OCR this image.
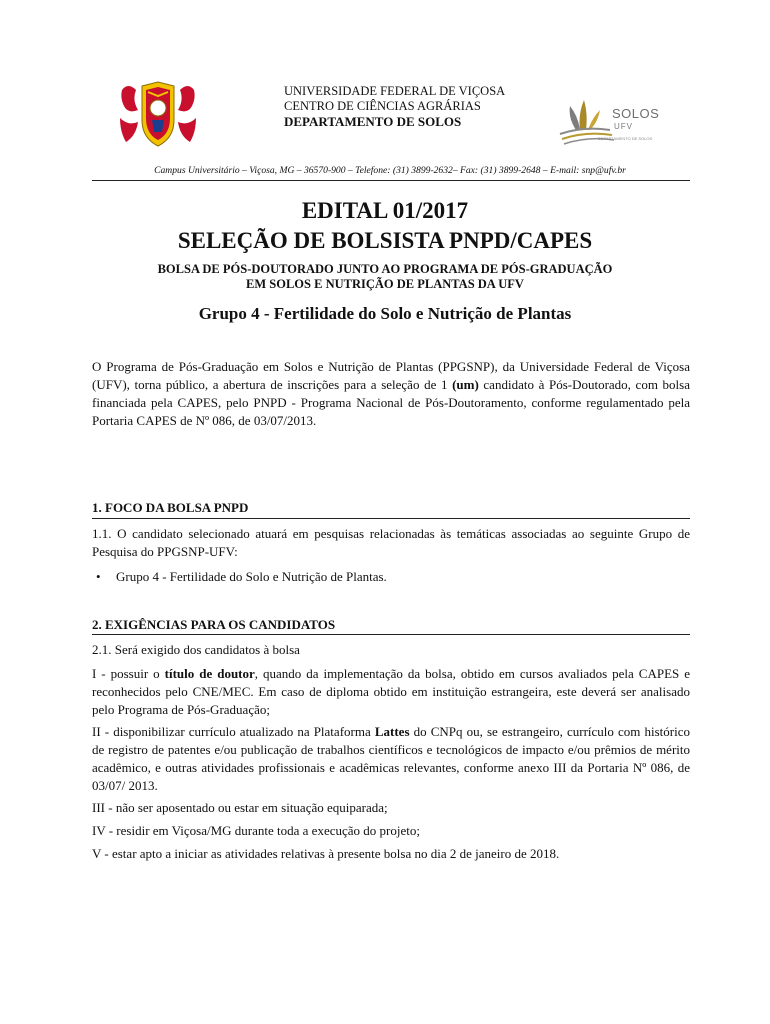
UNIVERSIDADE FEDERAL DE VIÇOSA
CENTRO DE CIÊNCIAS AGRÁRIAS
DEPARTAMENTO DE SOLOS
SOLOS
UFV
DEPARTAMENTO DE SOLOS
Campus Universitário – Viçosa, MG – 36570-900 – Telefone: (31) 3899-2632– Fax: (31) 3899-2648 – E-mail: snp@ufv.br
EDITAL 01/2017
SELEÇÃO DE BOLSISTA PNPD/CAPES
BOLSA DE PÓS-DOUTORADO JUNTO AO PROGRAMA DE PÓS-GRADUAÇÃO
EM SOLOS E NUTRIÇÃO DE PLANTAS DA UFV
Grupo 4 - Fertilidade do Solo e Nutrição de Plantas
O Programa de Pós-Graduação em Solos e Nutrição de Plantas (PPGSNP), da Universidade Federal de Viçosa (UFV), torna público, a abertura de inscrições para a seleção de 1 (um) candidato à Pós-Doutorado, com bolsa financiada pela CAPES, pelo PNPD - Programa Nacional de Pós-Doutoramento, conforme regulamentado pela Portaria CAPES de Nº 086, de 03/07/2013.
1. FOCO DA BOLSA PNPD
1.1. O candidato selecionado atuará em pesquisas relacionadas às temáticas associadas ao seguinte Grupo de Pesquisa do PPGSNP-UFV:
• Grupo 4 - Fertilidade do Solo e Nutrição de Plantas.
2. EXIGÊNCIAS PARA OS CANDIDATOS
2.1. Será exigido dos candidatos à bolsa
I - possuir o título de doutor, quando da implementação da bolsa, obtido em cursos avaliados pela CAPES e reconhecidos pelo CNE/MEC. Em caso de diploma obtido em instituição estrangeira, este deverá ser analisado pelo Programa de Pós-Graduação;
II - disponibilizar currículo atualizado na Plataforma Lattes do CNPq ou, se estrangeiro, currículo com histórico de registro de patentes e/ou publicação de trabalhos científicos e tecnológicos de impacto e/ou prêmios de mérito acadêmico, e outras atividades profissionais e acadêmicas relevantes, conforme anexo III da Portaria Nº 086, de 03/07/ 2013.
III - não ser aposentado ou estar em situação equiparada;
IV - residir em Viçosa/MG durante toda a execução do projeto;
V - estar apto a iniciar as atividades relativas à presente bolsa no dia 2 de janeiro de 2018.
